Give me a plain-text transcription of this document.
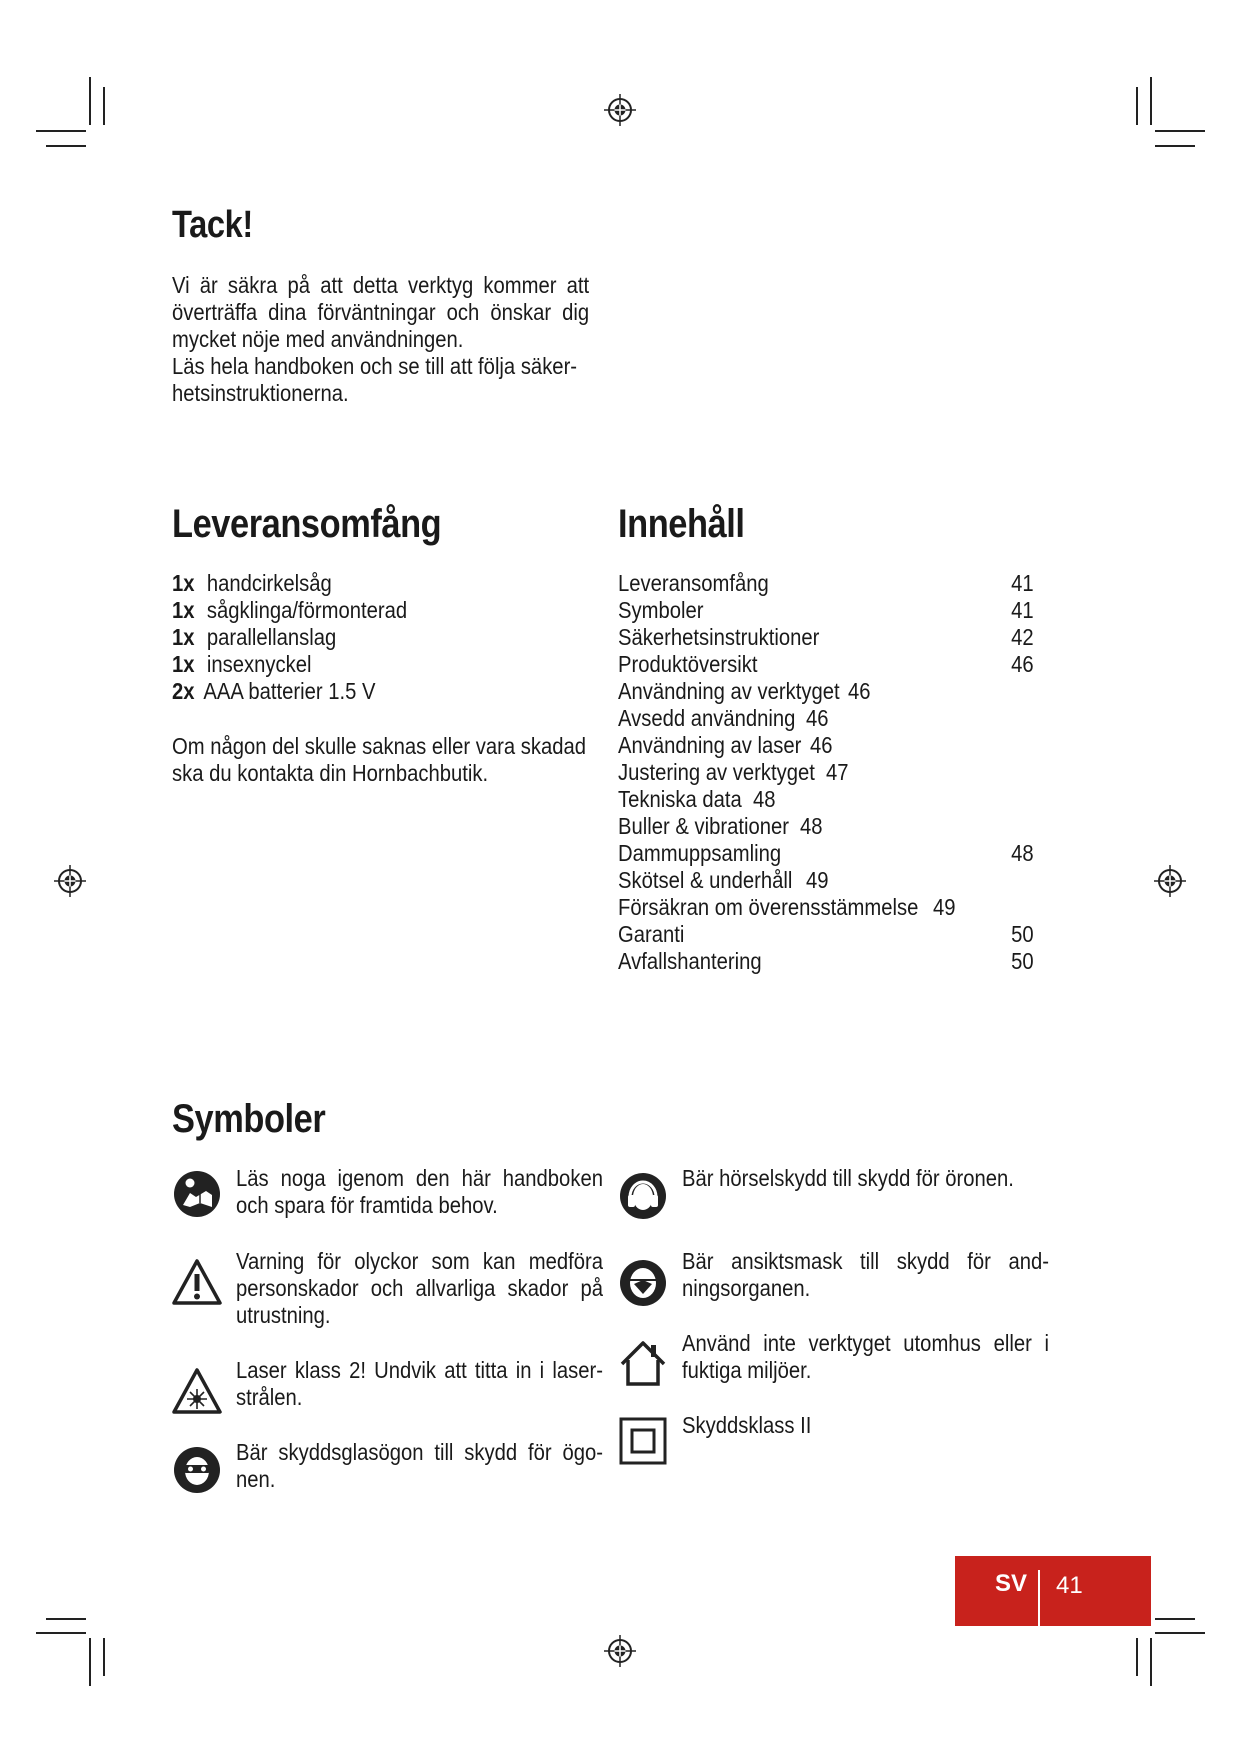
Tack!

Vi är säkra på att detta verktyg kommer att överträffa dina förväntningar och önskar dig mycket nöje med användningen.

Läs hela handboken och se till att följa säker-hetsinstruktionerna.

Leveransomfång
1x handcirkelsåg
1x sågklinga/förmonterad
1x parallellanslag
1x insexnyckel
2x AAA batterier 1.5 V

Om någon del skulle saknas eller vara skadad ska du kontakta din Hornbachbutik.

Innehåll
Leveransomfång	41
Symboler	41
Säkerhetsinstruktioner	42
Produktöversikt	46
Användning av verktyget 46
Avsedd användning 46
Användning av laser 46
Justering av verktyget 47
Tekniska data 48
Buller & vibrationer 48
Dammuppsamling	48
Skötsel & underhåll 49
Försäkran om överensstämmelse 49
Garanti	50
Avfallshantering	50
Symboler

Läs noga igenom den här handboken och spara för framtida behov.

Varning för olyckor som kan medföra personskador och allvarliga skador på utrustning.

Laser klass 2! Undvik att titta in i laser-strålen.

Bär skyddsglasögon till skydd för ögo-nen.

Bär hörselskydd till skydd för öronen.

Bär ansiktsmask till skydd för and-ningsorganen.

Använd inte verktyget utomhus eller i fuktiga miljöer.

Skyddsklass II

SV 41
